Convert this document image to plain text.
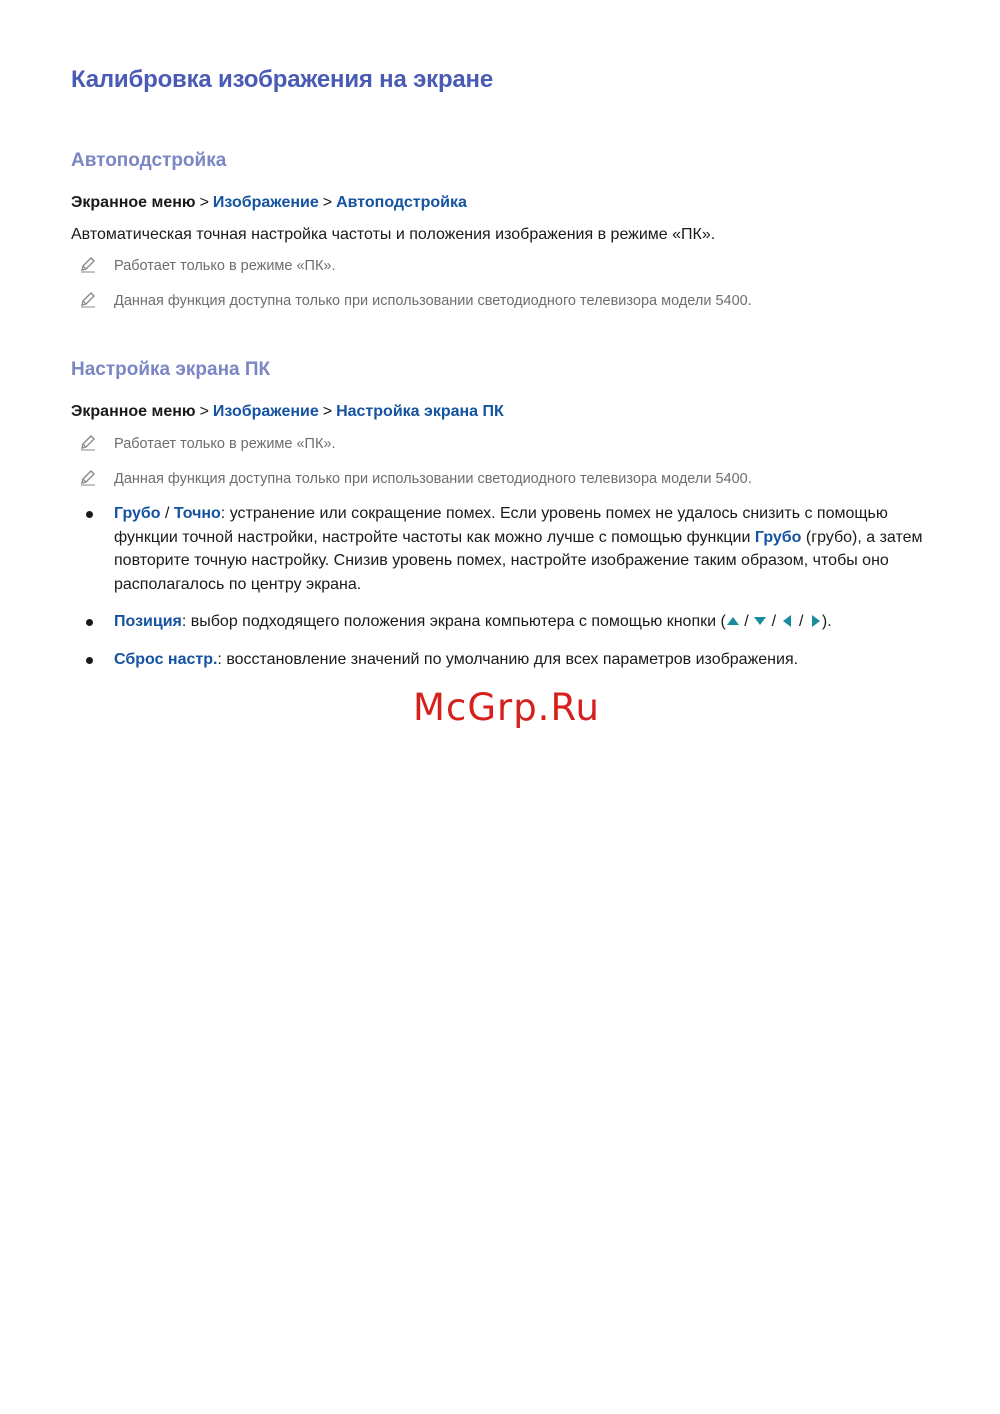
Калибровка изображения на экране
Автоподстройка
Экранное меню > Изображение > Автоподстройка
Автоматическая точная настройка частоты и положения изображения в режиме «ПК».
Работает только в режиме «ПК».
Данная функция доступна только при использовании светодиодного телевизора модели 5400.
Настройка экрана ПК
Экранное меню > Изображение > Настройка экрана ПК
Работает только в режиме «ПК».
Данная функция доступна только при использовании светодиодного телевизора модели 5400.
Грубо / Точно: устранение или сокращение помех. Если уровень помех не удалось снизить с помощью функции точной настройки, настройте частоты как можно лучше с помощью функции Грубо (грубо), а затем повторите точную настройку. Снизив уровень помех, настройте изображение таким образом, чтобы оно располагалось по центру экрана.
Позиция: выбор подходящего положения экрана компьютера с помощью кнопки ( /  /  / ).
Сброс настр.: восстановление значений по умолчанию для всех параметров изображения.
McGrp.Ru
